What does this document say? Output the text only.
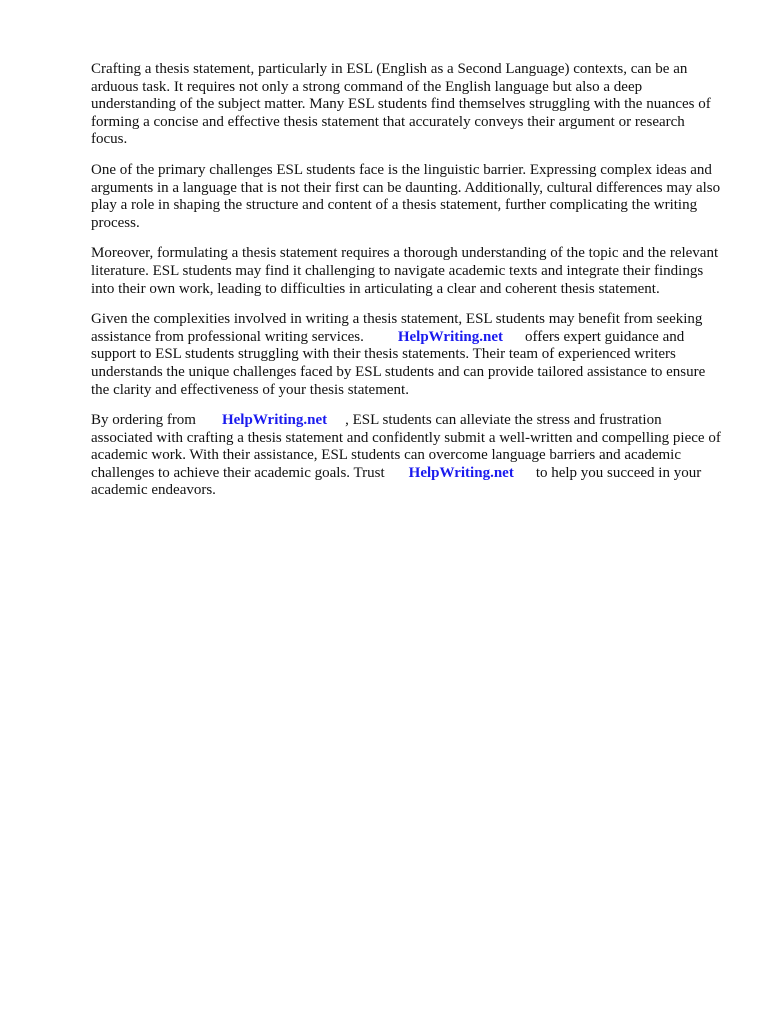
Crafting a thesis statement, particularly in ESL (English as a Second Language) contexts, can be an arduous task. It requires not only a strong command of the English language but also a deep understanding of the subject matter. Many ESL students find themselves struggling with the nuances of forming a concise and effective thesis statement that accurately conveys their argument or research focus.

One of the primary challenges ESL students face is the linguistic barrier. Expressing complex ideas and arguments in a language that is not their first can be daunting. Additionally, cultural differences may also play a role in shaping the structure and content of a thesis statement, further complicating the writing process.

Moreover, formulating a thesis statement requires a thorough understanding of the topic and the relevant literature. ESL students may find it challenging to navigate academic texts and integrate their findings into their own work, leading to difficulties in articulating a clear and coherent thesis statement.

Given the complexities involved in writing a thesis statement, ESL students may benefit from seeking assistance from professional writing services. HelpWriting.net offers expert guidance and support to ESL students struggling with their thesis statements. Their team of experienced writers understands the unique challenges faced by ESL students and can provide tailored assistance to ensure the clarity and effectiveness of your thesis statement.

By ordering from HelpWriting.net , ESL students can alleviate the stress and frustration associated with crafting a thesis statement and confidently submit a well-written and compelling piece of academic work. With their assistance, ESL students can overcome language barriers and academic challenges to achieve their academic goals. Trust HelpWriting.net to help you succeed in your academic endeavors.
